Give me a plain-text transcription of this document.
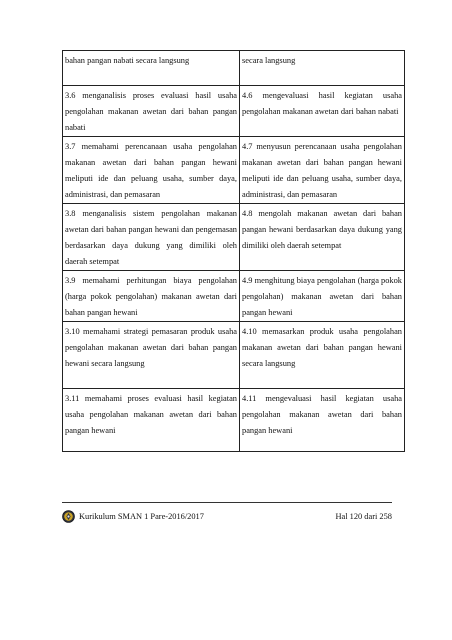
bahan pangan nabati secara langsung	secara langsung

3.6 menganalisis proses evaluasi hasil usaha pengolahan makanan awetan dari bahan pangan nabati	4.6 mengevaluasi hasil kegiatan usaha pengolahan makanan awetan dari bahan nabati

3.7 memahami perencanaan usaha pengolahan makanan awetan dari bahan pangan hewani meliputi ide dan peluang usaha, sumber daya, administrasi, dan pemasaran	4.7 menyusun perencanaan usaha pengolahan makanan awetan dari bahan pangan hewani meliputi ide dan peluang usaha, sumber daya, administrasi, dan pemasaran

3.8 menganalisis sistem pengolahan makanan awetan dari bahan pangan hewani dan pengemasan berdasarkan daya dukung yang dimiliki oleh daerah setempat	4.8 mengolah makanan awetan dari bahan pangan hewani berdasarkan daya dukung yang dimiliki oleh daerah setempat

3.9 memahami perhitungan biaya pengolahan (harga pokok pengolahan) makanan awetan dari bahan pangan hewani	4.9 menghitung biaya pengolahan (harga pokok pengolahan) makanan awetan dari bahan pangan hewani

3.10 memahami strategi pemasaran produk usaha pengolahan makanan awetan dari bahan pangan hewani secara langsung	4.10 memasarkan produk usaha pengolahan makanan awetan dari bahan pangan hewani secara langsung

3.11 memahami proses evaluasi hasil kegiatan usaha pengolahan makanan awetan dari bahan pangan hewani	4.11 mengevaluasi hasil kegiatan usaha pengolahan makanan awetan dari bahan pangan hewani
Kurikulum SMAN 1 Pare-2016/2017	Hal 120 dari 258
